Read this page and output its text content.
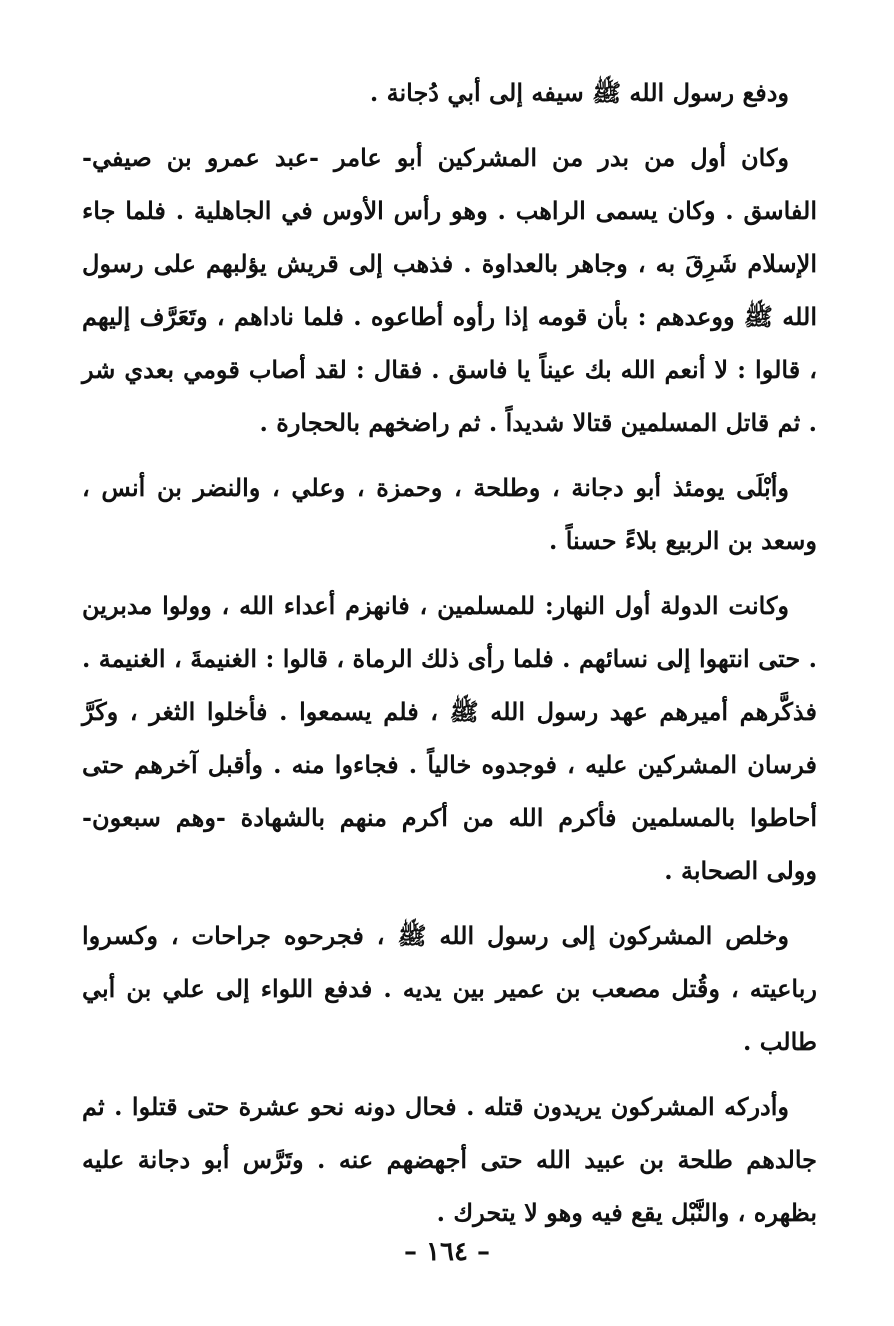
ودفع رسول الله ﷺ سيفه إلى أبي دُجانة .

وكان أول من بدر من المشركين أبو عامر -عبد عمرو بن صيفي- الفاسق . وكان يسمى الراهب . وهو رأس الأوس في الجاهلية . فلما جاء الإسلام شَرِقَ به ، وجاهر بالعداوة . فذهب إلى قريش يؤلبهم على رسول الله ﷺ ووعدهم : بأن قومه إذا رأوه أطاعوه . فلما ناداهم ، وتَعَرَّف إليهم ، قالوا : لا أنعم الله بك عيناً يا فاسق . فقال : لقد أصاب قومي بعدي شر . ثم قاتل المسلمين قتالا شديداً . ثم راضخهم بالحجارة .

وأبْلَى يومئذ أبو دجانة ، وطلحة ، وحمزة ، وعلي ، والنضر بن أنس ، وسعد بن الربيع بلاءً حسناً .

وكانت الدولة أول النهار: للمسلمين ، فانهزم أعداء الله ، وولوا مدبرين . حتى انتهوا إلى نسائهم . فلما رأى ذلك الرماة ، قالوا : الغنيمةَ ، الغنيمة . فذكَّرهم أميرهم عهد رسول الله ﷺ ، فلم يسمعوا . فأخلوا الثغر ، وكَرَّ فرسان المشركين عليه ، فوجدوه خالياً . فجاءوا منه . وأقبل آخرهم حتى أحاطوا بالمسلمين فأكرم الله من أكرم منهم بالشهادة -وهم سبعون- وولى الصحابة .

وخلص المشركون إلى رسول الله ﷺ ، فجرحوه جراحات ، وكسروا رباعيته ، وقُتل مصعب بن عمير بين يديه . فدفع اللواء إلى علي بن أبي طالب .

وأدركه المشركون يريدون قتله . فحال دونه نحو عشرة حتى قتلوا . ثم جالدهم طلحة بن عبيد الله حتى أجهضهم عنه . وتَرَّس أبو دجانة عليه بظهره ، والنَّبْل يقع فيه وهو لا يتحرك .

– ١٦٤ –
